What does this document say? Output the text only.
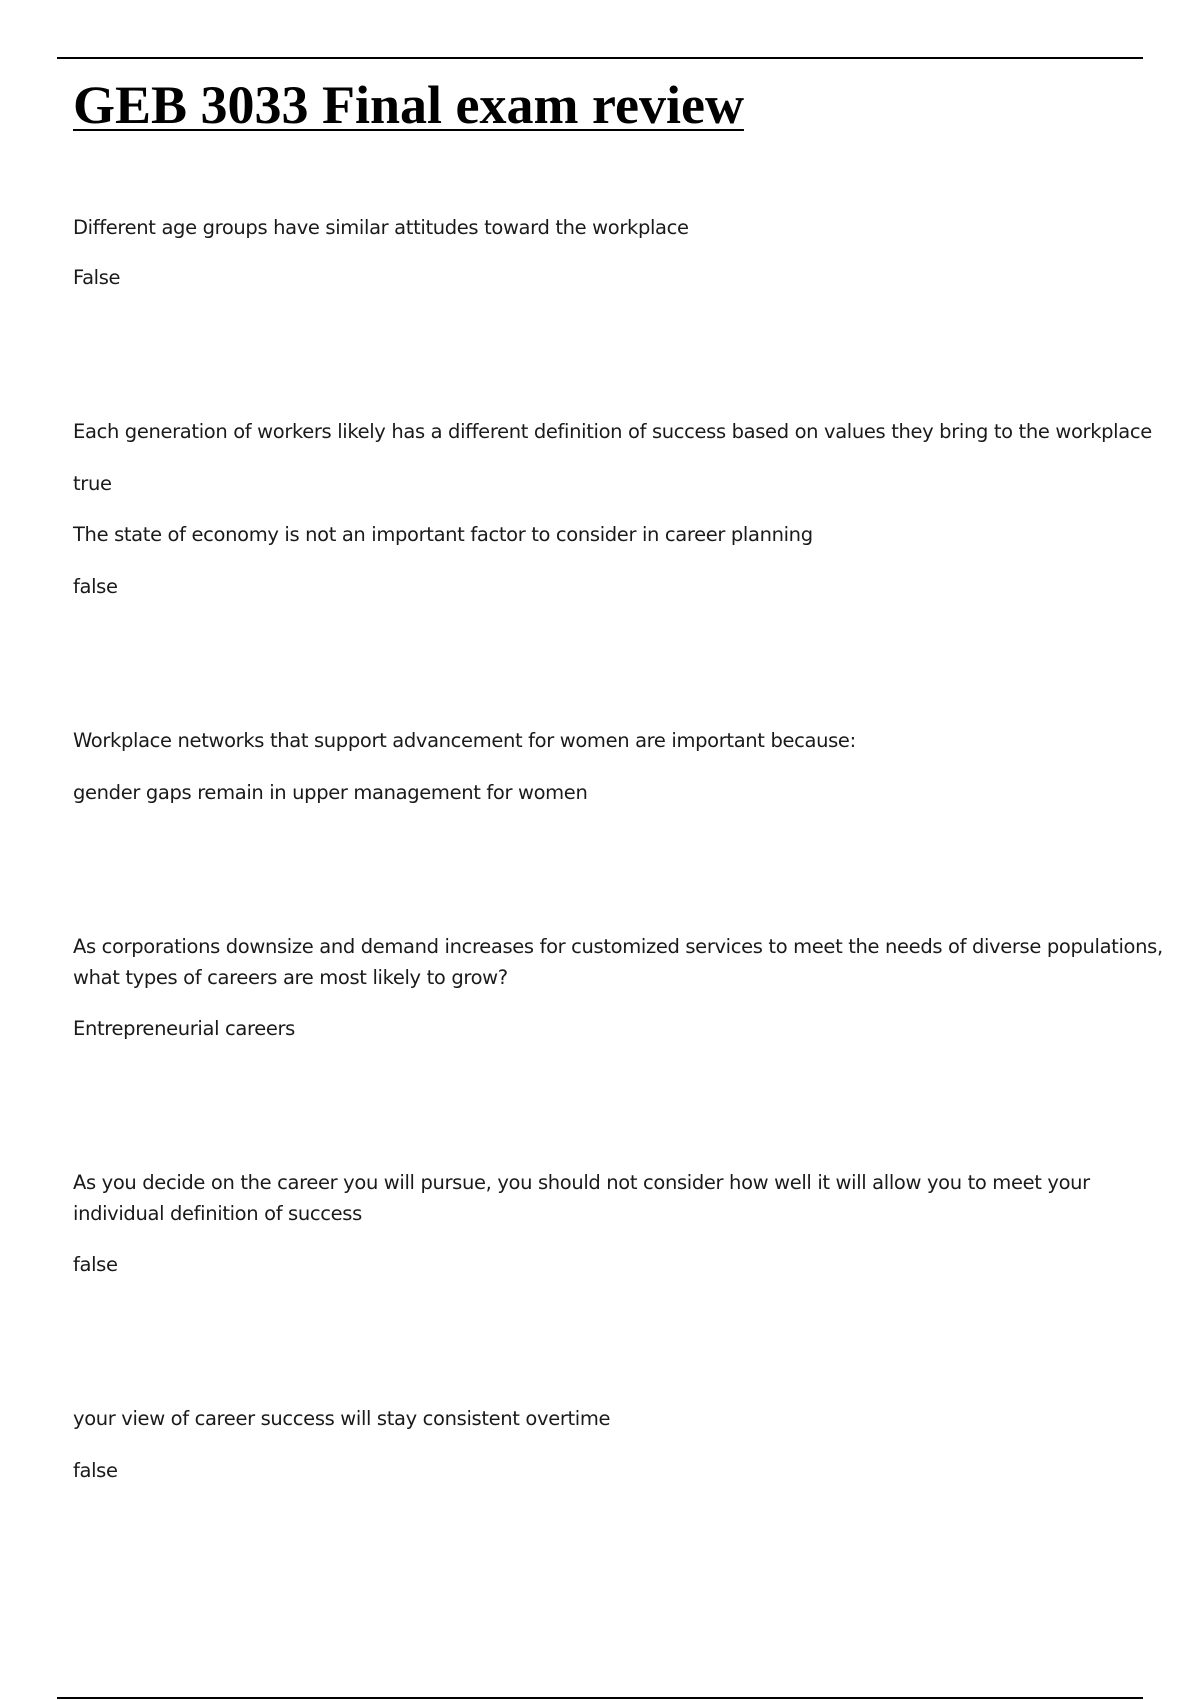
GEB 3033 Final exam review

Different age groups have similar attitudes toward the workplace

False

Each generation of workers likely has a different definition of success based on values they bring to the workplace

true

The state of economy is not an important factor to consider in career planning

false

Workplace networks that support advancement for women are important because:

gender gaps remain in upper management for women

As corporations downsize and demand increases for customized services to meet the needs of diverse populations, what types of careers are most likely to grow?

Entrepreneurial careers

As you decide on the career you will pursue, you should not consider how well it will allow you to meet your individual definition of success

false

your view of career success will stay consistent overtime

false
